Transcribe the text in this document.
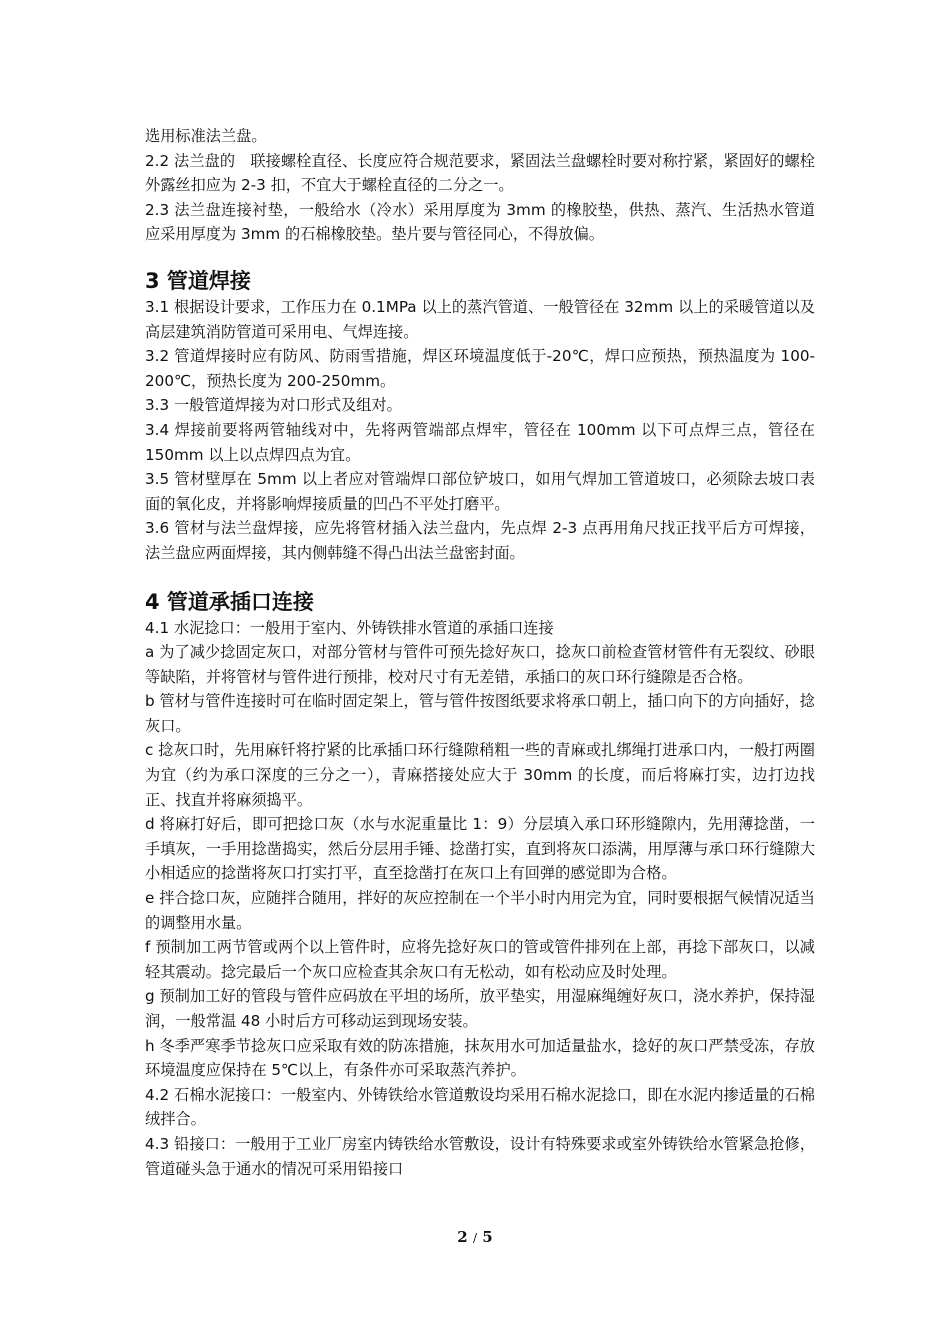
选用标准法兰盘。

2.2 法兰盘的　联接螺栓直径、长度应符合规范要求，紧固法兰盘螺栓时要对称拧紧，紧固好的螺栓外露丝扣应为 2-3 扣，不宜大于螺栓直径的二分之一。

2.3 法兰盘连接衬垫，一般给水（冷水）采用厚度为 3mm 的橡胶垫，供热、蒸汽、生活热水管道应采用厚度为 3mm 的石棉橡胶垫。垫片要与管径同心，不得放偏。

3 管道焊接

3.1 根据设计要求，工作压力在 0.1MPa 以上的蒸汽管道、一般管径在 32mm 以上的采暖管道以及高层建筑消防管道可采用电、气焊连接。

3.2 管道焊接时应有防风、防雨雪措施，焊区环境温度低于-20℃，焊口应预热，预热温度为 100-200℃，预热长度为 200-250mm。

3.3 一般管道焊接为对口形式及组对。

3.4 焊接前要将两管轴线对中，先将两管端部点焊牢，管径在 100mm 以下可点焊三点，管径在 150mm 以上以点焊四点为宜。

3.5 管材壁厚在 5mm 以上者应对管端焊口部位铲坡口，如用气焊加工管道坡口，必须除去坡口表面的氧化皮，并将影响焊接质量的凹凸不平处打磨平。

3.6 管材与法兰盘焊接，应先将管材插入法兰盘内，先点焊 2-3 点再用角尺找正找平后方可焊接，法兰盘应两面焊接，其内侧韩缝不得凸出法兰盘密封面。

4 管道承插口连接

4.1 水泥捻口：一般用于室内、外铸铁排水管道的承插口连接

a 为了减少捻固定灰口，对部分管材与管件可预先捻好灰口，捻灰口前检查管材管件有无裂纹、砂眼等缺陷，并将管材与管件进行预排，校对尺寸有无差错，承插口的灰口环行缝隙是否合格。

b 管材与管件连接时可在临时固定架上，管与管件按图纸要求将承口朝上，插口向下的方向插好，捻灰口。

c 捻灰口时，先用麻钎将拧紧的比承插口环行缝隙稍粗一些的青麻或扎绑绳打进承口内，一般打两圈为宜（约为承口深度的三分之一），青麻搭接处应大于 30mm 的长度，而后将麻打实，边打边找正、找直并将麻须捣平。

d 将麻打好后，即可把捻口灰（水与水泥重量比 1：9）分层填入承口环形缝隙内，先用薄捻凿，一手填灰，一手用捻凿捣实，然后分层用手锤、捻凿打实，直到将灰口添满，用厚薄与承口环行缝隙大小相适应的捻凿将灰口打实打平，直至捻凿打在灰口上有回弹的感觉即为合格。

e 拌合捻口灰，应随拌合随用，拌好的灰应控制在一个半小时内用完为宜，同时要根据气候情况适当的调整用水量。

f 预制加工两节管或两个以上管件时，应将先捻好灰口的管或管件排列在上部，再捻下部灰口，以减轻其震动。捻完最后一个灰口应检查其余灰口有无松动，如有松动应及时处理。

g 预制加工好的管段与管件应码放在平坦的场所，放平垫实，用湿麻绳缠好灰口，浇水养护，保持湿润，一般常温 48 小时后方可移动运到现场安装。

h 冬季严寒季节捻灰口应采取有效的防冻措施，抹灰用水可加适量盐水，捻好的灰口严禁受冻，存放环境温度应保持在 5℃以上，有条件亦可采取蒸汽养护。

4.2 石棉水泥接口：一般室内、外铸铁给水管道敷设均采用石棉水泥捻口，即在水泥内掺适量的石棉绒拌合。

4.3 铅接口：一般用于工业厂房室内铸铁给水管敷设，设计有特殊要求或室外铸铁给水管紧急抢修，管道碰头急于通水的情况可采用铅接口

2 / 5
